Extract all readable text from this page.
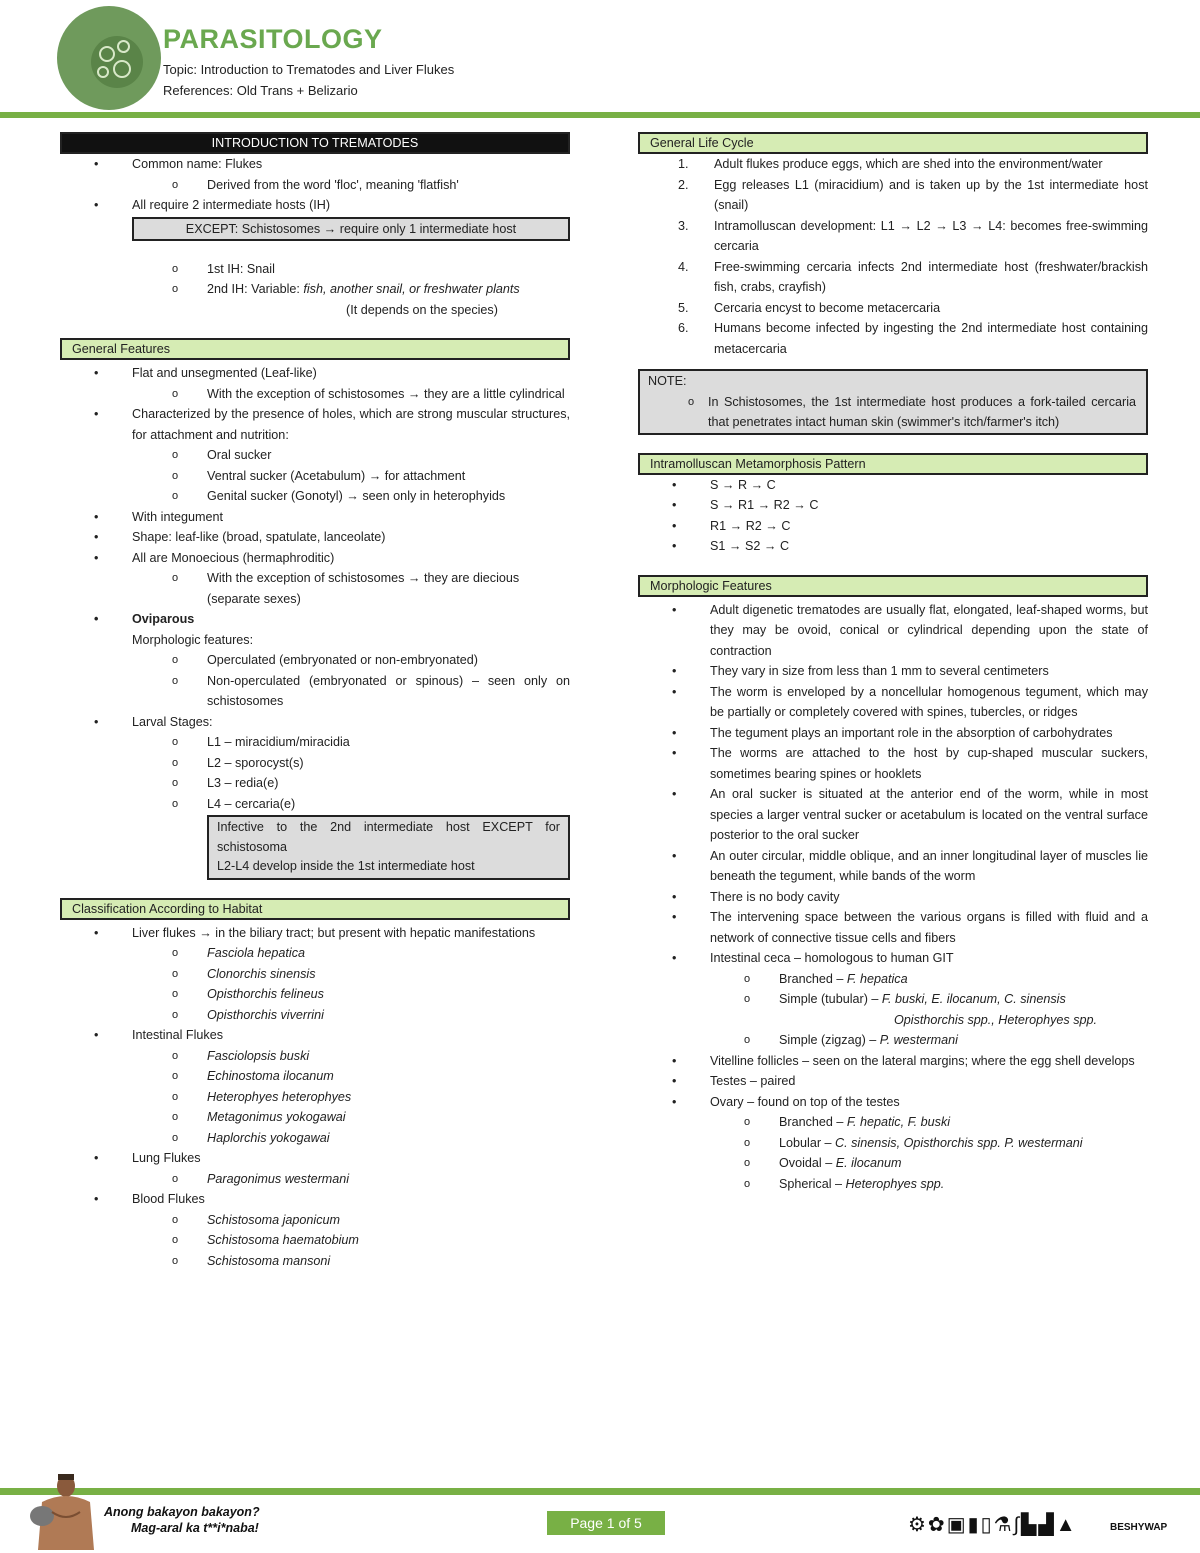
PARASITOLOGY
Topic: Introduction to Trematodes and Liver Flukes
References: Old Trans + Belizario
INTRODUCTION TO TREMATODES
• Common name: Flukes
o Derived from the word 'floc', meaning 'flatfish'
• All require 2 intermediate hosts (IH)
EXCEPT: Schistosomes → require only 1 intermediate host
o 1st IH: Snail
o 2nd IH: Variable: fish, another snail, or freshwater plants
(It depends on the species)
General Features
• Flat and unsegmented (Leaf-like)
o With the exception of schistosomes → they are a little cylindrical
• Characterized by the presence of holes, which are strong muscular structures, for attachment and nutrition:
o Oral sucker
o Ventral sucker (Acetabulum) → for attachment
o Genital sucker (Gonotyl) → seen only in heterophyids
• With integument
• Shape: leaf-like (broad, spatulate, lanceolate)
• All are Monoecious (hermaphroditic)
o With the exception of schistosomes → they are diecious (separate sexes)
• Oviparous
Morphologic features:
o Operculated (embryonated or non-embryonated)
o Non-operculated (embryonated or spinous) – seen only on schistosomes
• Larval Stages:
o L1 – miracidium/miracidia
o L2 – sporocyst(s)
o L3 – redia(e)
o L4 – cercaria(e)
Infective to the 2nd intermediate host EXCEPT for schistosoma
L2-L4 develop inside the 1st intermediate host
Classification According to Habitat
• Liver flukes → in the biliary tract; but present with hepatic manifestations
o Fasciola hepatica
o Clonorchis sinensis
o Opisthorchis felineus
o Opisthorchis viverrini
• Intestinal Flukes
o Fasciolopsis buski
o Echinostoma ilocanum
o Heterophyes heterophyes
o Metagonimus yokogawai
o Haplorchis yokogawai
• Lung Flukes
o Paragonimus westermani
• Blood Flukes
o Schistosoma japonicum
o Schistosoma haematobium
o Schistosoma mansoni
General Life Cycle
1. Adult flukes produce eggs, which are shed into the environment/water
2. Egg releases L1 (miracidium) and is taken up by the 1st intermediate host (snail)
3. Intramolluscan development: L1 → L2 → L3 → L4: becomes free-swimming cercaria
4. Free-swimming cercaria infects 2nd intermediate host (freshwater/brackish fish, crabs, crayfish)
5. Cercaria encyst to become metacercaria
6. Humans become infected by ingesting the 2nd intermediate host containing metacercaria
NOTE:
o In Schistosomes, the 1st intermediate host produces a fork-tailed cercaria that penetrates intact human skin (swimmer's itch/farmer's itch)
Intramolluscan Metamorphosis Pattern
• S → R → C
• S → R1 → R2 → C
• R1 → R2 → C
• S1 → S2 → C
Morphologic Features
• Adult digenetic trematodes are usually flat, elongated, leaf-shaped worms, but they may be ovoid, conical or cylindrical depending upon the state of contraction
• They vary in size from less than 1 mm to several centimeters
• The worm is enveloped by a noncellular homogenous tegument, which may be partially or completely covered with spines, tubercles, or ridges
• The tegument plays an important role in the absorption of carbohydrates
• The worms are attached to the host by cup-shaped muscular suckers, sometimes bearing spines or hooklets
• An oral sucker is situated at the anterior end of the worm, while in most species a larger ventral sucker or acetabulum is located on the ventral surface posterior to the oral sucker
• An outer circular, middle oblique, and an inner longitudinal layer of muscles lie beneath the tegument, while bands of the worm
• There is no body cavity
• The intervening space between the various organs is filled with fluid and a network of connective tissue cells and fibers
• Intestinal ceca – homologous to human GIT
o Branched – F. hepatica
o Simple (tubular) – F. buski, E. ilocanum, C. sinensis
Opisthorchis spp., Heterophyes spp.
o Simple (zigzag) – P. westermani
• Vitelline follicles – seen on the lateral margins; where the egg shell develops
• Testes – paired
• Ovary – found on top of the testes
o Branched – F. hepatic, F. buski
o Lobular – C. sinensis, Opisthorchis spp. P. westermani
o Ovoidal – E. ilocanum
o Spherical – Heterophyes spp.
Anong bakayon bakayon?
Mag-aral ka t**i*naba!	Page 1 of 5	⚙✿▣▮▯⚗∫▙▟▲	BESHYWAP
